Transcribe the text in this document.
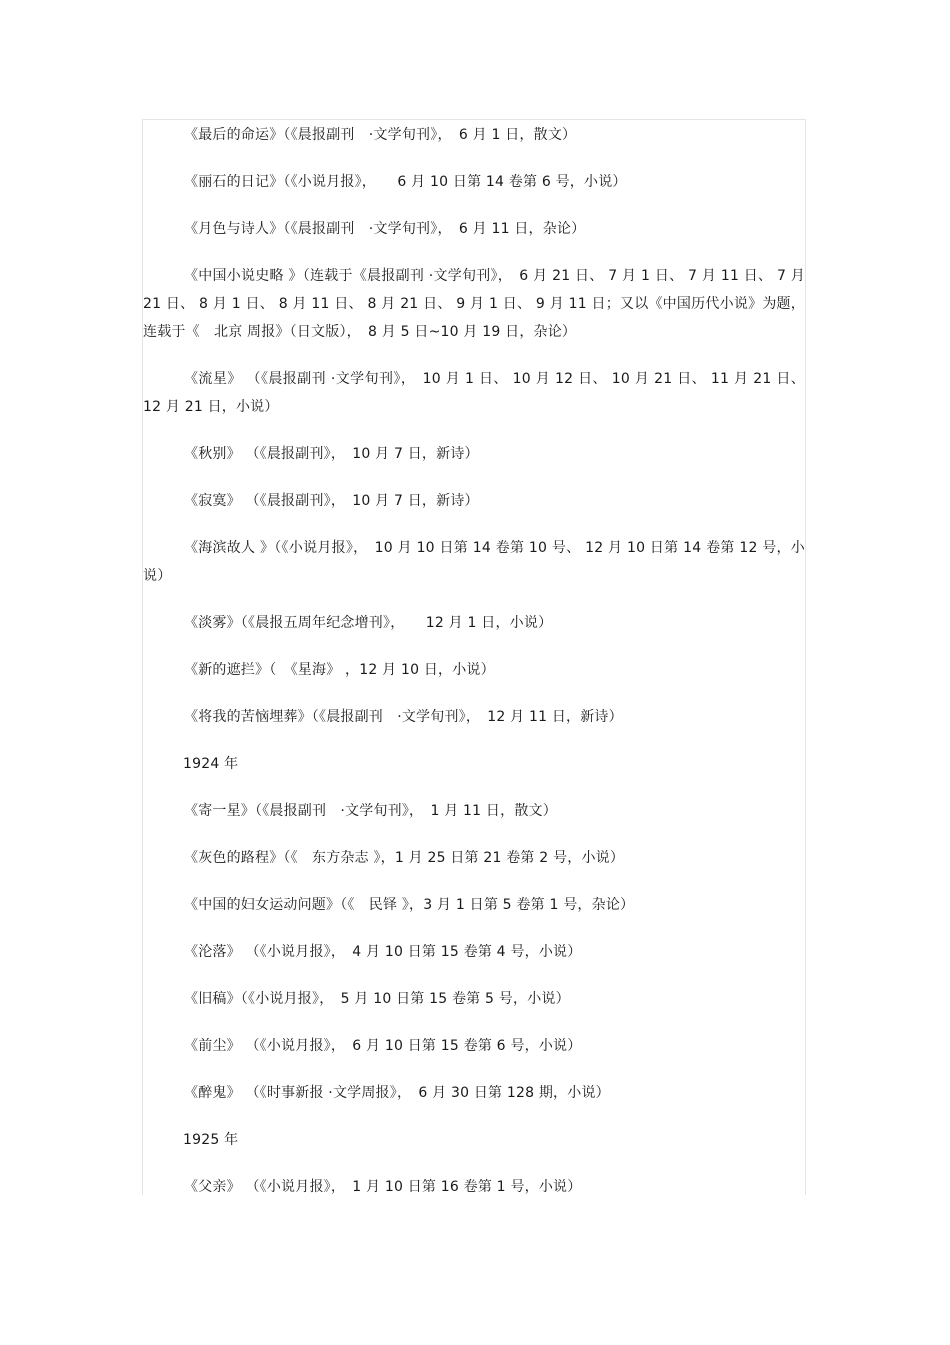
《最后的命运》（《晨报副刊　·文学旬刊》，　6 月 1 日，散文）

《丽石的日记》（《小说月报》，　　6 月 10 日第 14 卷第 6 号，小说）

《月色与诗人》（《晨报副刊　·文学旬刊》，　6 月 11 日，杂论）

《中国小说史略 》（连载于《晨报副刊 ·文学旬刊》，　6 月 21 日、 7 月 1 日、 7 月 11 日、 7 月 21 日、 8 月 1 日、 8 月 11 日、 8 月 21 日、 9 月 1 日、 9 月 11 日；又以《中国历代小说》为题，连载于《　北京 周报》（日文版），　8 月 5 日~10 月 19 日，杂论）

《流星》 （《晨报副刊 ·文学旬刊》，　10 月 1 日、 10 月 12 日、 10 月 21 日、 11 月 21 日、 12 月 21 日，小说）

《秋别》 （《晨报副刊》，　10 月 7 日，新诗）

《寂寞》 （《晨报副刊》，　10 月 7 日，新诗）

《海滨故人 》（《小说月报》，　10 月 10 日第 14 卷第 10 号、 12 月 10 日第 14 卷第 12 号，小说）

《淡雾》（《晨报五周年纪念增刊》，　　12 月 1 日，小说）

《新的遮拦》（　《星海》 ，12 月 10 日，小说）

《将我的苦恼埋葬》（《晨报副刊　·文学旬刊》，　12 月 11 日，新诗）

1924 年

《寄一星》（《晨报副刊　·文学旬刊》，　1 月 11 日，散文）

《灰色的路程》（《　东方杂志 》，1 月 25 日第 21 卷第 2 号，小说）

《中国的妇女运动问题》（《　民铎 》，3 月 1 日第 5 卷第 1 号，杂论）

《沦落》 （《小说月报》，　4 月 10 日第 15 卷第 4 号，小说）

《旧稿》（《小说月报》，　5 月 10 日第 15 卷第 5 号，小说）

《前尘》 （《小说月报》，　6 月 10 日第 15 卷第 6 号，小说）

《醉鬼》 （《时事新报 ·文学周报》，　6 月 30 日第 128 期，小说）

1925 年

《父亲》 （《小说月报》，　1 月 10 日第 16 卷第 1 号，小说）
